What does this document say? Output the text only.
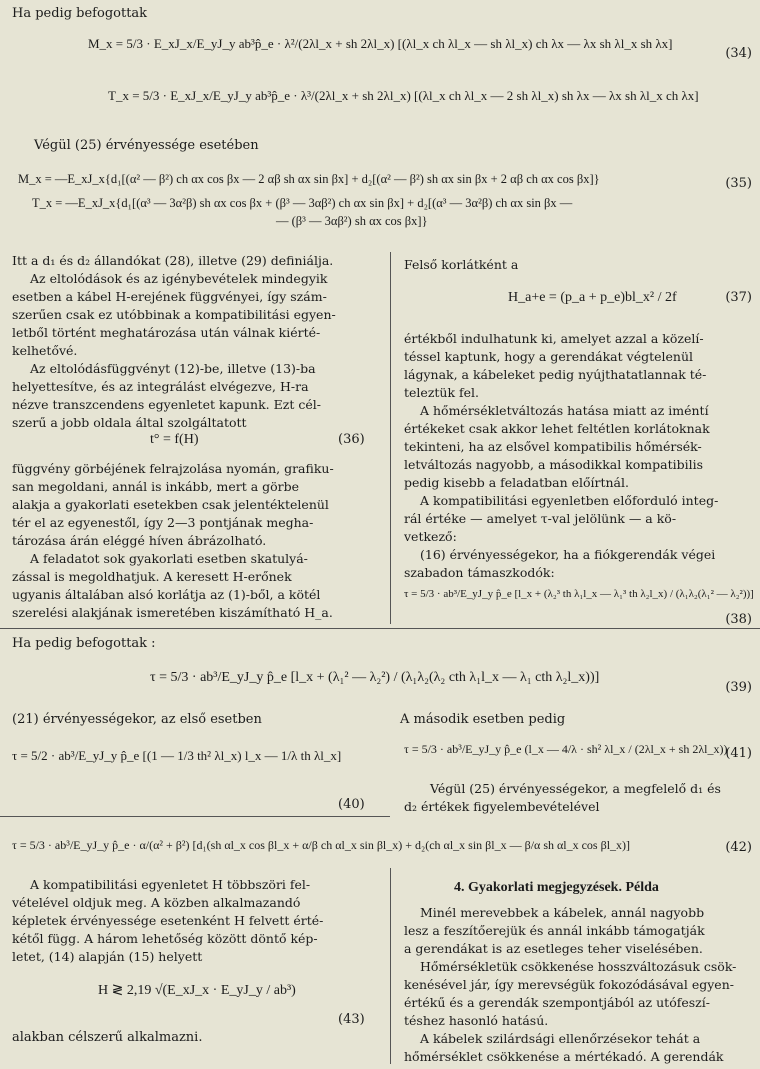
Ha pedig befogottak
M_x = 5/3 · E_xJ_x/E_yJ_y ab³p̂_e · λ²/(2λl_x + sh 2λl_x) [(λl_x ch λl_x — sh λl_x) ch λx — λx sh λl_x sh λx]
(34)
T_x = 5/3 · E_xJ_x/E_yJ_y ab³p̂_e · λ³/(2λl_x + sh 2λl_x) [(λl_x ch λl_x — 2 sh λl_x) sh λx — λx sh λl_x ch λx]
Végül (25) érvényessége esetében
M_x = —E_xJ_x{d₁[(α² — β²) ch αx cos βx — 2 αβ sh αx sin βx] + d₂[(α² — β²) sh αx sin βx + 2 αβ ch αx cos βx]}	(35)
T_x = —E_xJ_x{d₁[(α³ — 3α²β) sh αx cos βx + (β³ — 3αβ²) ch αx sin βx] + d₂[(α³ — 3α²β) ch αx sin βx —
— (β³ — 3αβ²) sh αx cos βx]}
Itt a d₁ és d₂ állandókat (28), illetve (29) definiálja.
Az eltolódások és az igénybevételek mindegyik
esetben a kábel H-erejének függvényei, így szám-
szerűen csak ez utóbbinak a kompatibilitási egyen-
letből történt meghatározása után válnak kiérté-
kelhetővé.
Az eltolódásfüggvényt (12)-be, illetve (13)-ba
helyettesítve, és az integrálást elvégezve, H-ra
nézve transzcendens egyenletet kapunk. Ezt cél-
szerű a jobb oldala által szolgáltatott
t° = f(H)	(36)
függvény görbéjének felrajzolása nyomán, grafiku-
san megoldani, annál is inkább, mert a görbe
alakja a gyakorlati esetekben csak jelentéktelenül
tér el az egyenestől, így 2—3 pontjának megha-
tározása árán eléggé híven ábrázolható.
A feladatot sok gyakorlati esetben skatulyá-
zással is megoldhatjuk. A keresett H-erőnek
ugyanis általában alsó korlátja az (1)-ből, a kötél
szerelési alakjának ismeretében kiszámítható H_a.
Felső korlátként a
H_a+e = (p_a + p_e)bl_x² / 2f	(37)
értékből indulhatunk ki, amelyet azzal a közelí-
téssel kaptunk, hogy a gerendákat végtelenül
lágynak, a kábeleket pedig nyújthatatlannak té-
teleztük fel.
A hőmérsékletváltozás hatása miatt az iméntí
értékeket csak akkor lehet feltétlen korlátoknak
tekinteni, ha az elsővel kompatibilis hőmérsék-
letváltozás nagyobb, a másodikkal kompatibilis
pedig kisebb a feladatban előírtnál.
A kompatibilitási egyenletben előforduló integ-
rál értéke — amelyet τ-val jelölünk — a kö-
vetkező:
(16) érvényességekor, ha a fiókgerendák végei
szabadon támaszkodók:
τ = 5/3 · ab³/E_yJ_y p̂_e [l_x + (λ₂³ th λ₁l_x — λ₁³ th λ₂l_x) / (λ₁λ₂(λ₁² — λ₂²))]
(38)
Ha pedig befogottak :
τ = 5/3 · ab³/E_yJ_y p̂_e [l_x + (λ₁² — λ₂²) / (λ₁λ₂(λ₂ cth λ₁l_x — λ₁ cth λ₂l_x))]
(39)
(21) érvényességekor, az első esetben
τ = 5/2 · ab³/E_yJ_y p̂_e [(1 — 1/3 th² λl_x) l_x — 1/λ th λl_x]
(40)
A második esetben pedig
τ = 5/3 · ab³/E_yJ_y p̂_e (l_x — 4/λ · sh² λl_x / (2λl_x + sh 2λl_x))
(41)
Végül (25) érvényességekor, a megfelelő d₁ és
d₂ értékek figyelembevételével
τ = 5/3 · ab³/E_yJ_y p̂_e · α/(α² + β²) [d₁(sh αl_x cos βl_x + α/β ch αl_x sin βl_x) + d₂(ch αl_x sin βl_x — β/α sh αl_x cos βl_x)]	(42)
A kompatibilitási egyenletet H többszöri fel-
vételével oldjuk meg. A közben alkalmazandó
képletek érvényessége esetenként H felvett érté-
kétől függ. A három lehetőség között döntő kép-
letet, (14) alapján (15) helyett
H ≷ 2,19 √(E_xJ_x · E_yJ_y / ab³)
(43)
alakban célszerű alkalmazni.
4. Gyakorlati megjegyzések. Példa
Minél merevebbek a kábelek, annál nagyobb
lesz a feszítőerejük és annál inkább támogatják
a gerendákat is az esetleges teher viselésében.
Hőmérsékletük csökkenése hosszváltozásuk csök-
kenésével jár, így merevségük fokozódásával egyen-
értékű és a gerendák szempontjából az utófeszí-
téshez hasonló hatású.
A kábelek szilárdsági ellenőrzésekor tehát a
hőmérséklet csökkenése a mértékadó. A gerendák
